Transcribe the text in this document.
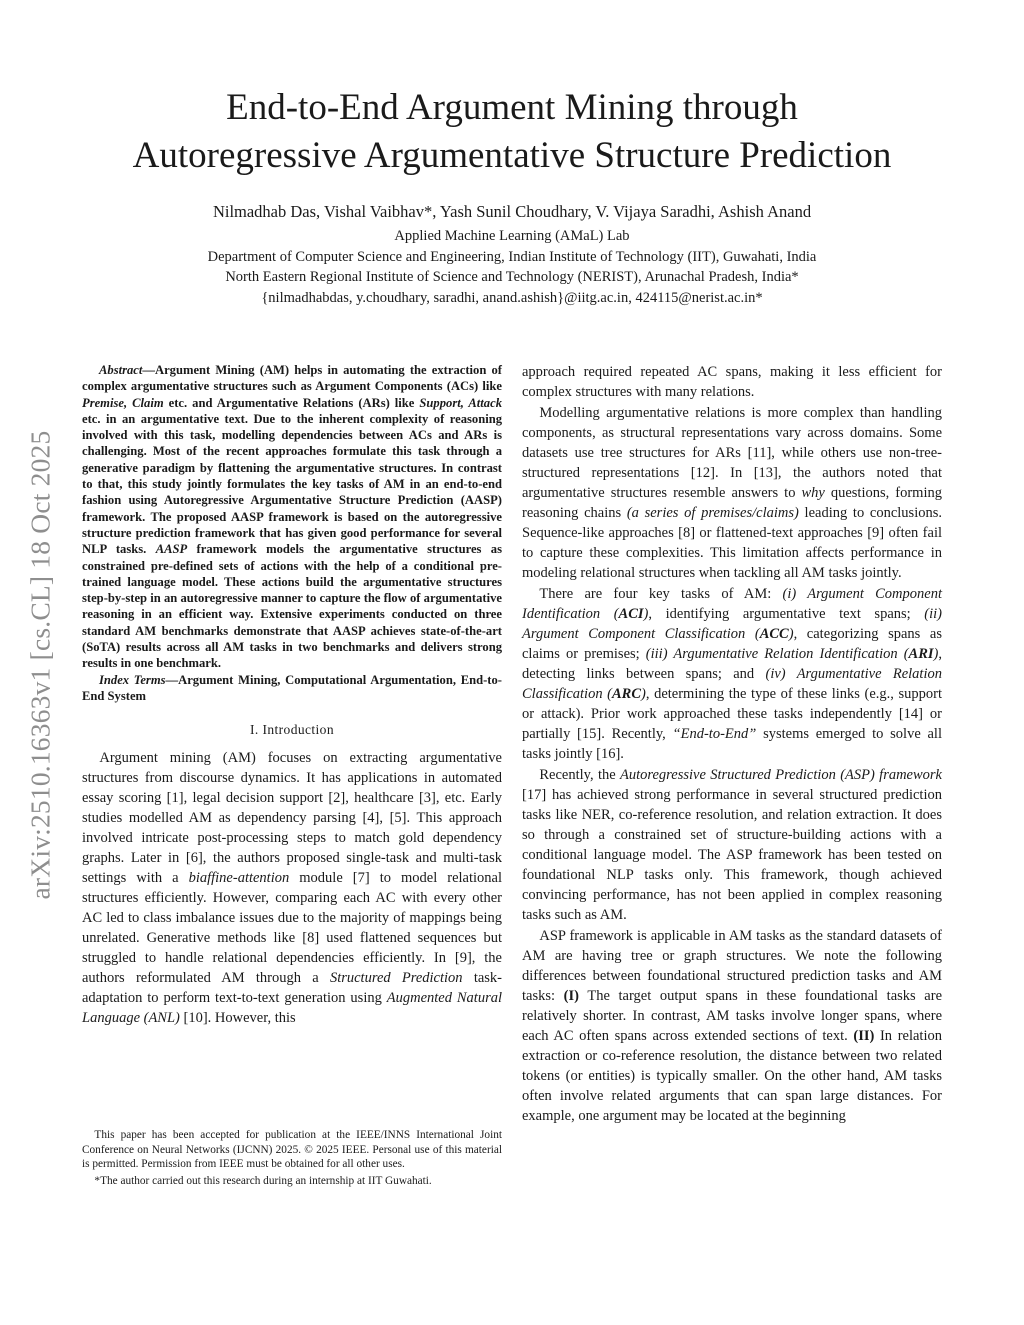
End-to-End Argument Mining through
Autoregressive Argumentative Structure Prediction

Nilmadhab Das, Vishal Vaibhav*, Yash Sunil Choudhary, V. Vijaya Saradhi, Ashish Anand

Applied Machine Learning (AMaL) Lab
Department of Computer Science and Engineering, Indian Institute of Technology (IIT), Guwahati, India
North Eastern Regional Institute of Science and Technology (NERIST), Arunachal Pradesh, India*
{nilmadhabdas, y.choudhary, saradhi, anand.ashish}@iitg.ac.in, 424115@nerist.ac.in*
arXiv:2510.16363v1 [cs.CL] 18 Oct 2025

Abstract—Argument Mining (AM) helps in automating the extraction of complex argumentative structures such as Argument Components (ACs) like Premise, Claim etc. and Argumentative Relations (ARs) like Support, Attack etc. in an argumentative text. Due to the inherent complexity of reasoning involved with this task, modelling dependencies between ACs and ARs is challenging. Most of the recent approaches formulate this task through a generative paradigm by flattening the argumentative structures. In contrast to that, this study jointly formulates the key tasks of AM in an end-to-end fashion using Autoregressive Argumentative Structure Prediction (AASP) framework. The proposed AASP framework is based on the autoregressive structure prediction framework that has given good performance for several NLP tasks. AASP framework models the argumentative structures as constrained pre-defined sets of actions with the help of a conditional pre-trained language model. These actions build the argumentative structures step-by-step in an autoregressive manner to capture the flow of argumentative reasoning in an efficient way. Extensive experiments conducted on three standard AM benchmarks demonstrate that AASP achieves state-of-the-art (SoTA) results across all AM tasks in two benchmarks and delivers strong results in one benchmark.

Index Terms—Argument Mining, Computational Argumentation, End-to-End System

I. Introduction

Argument mining (AM) focuses on extracting argumentative structures from discourse dynamics. It has applications in automated essay scoring [1], legal decision support [2], healthcare [3], etc. Early studies modelled AM as dependency parsing [4], [5]. This approach involved intricate post-processing steps to match gold dependency graphs. Later in [6], the authors proposed single-task and multi-task settings with a biaffine-attention module [7] to model relational structures efficiently. However, comparing each AC with every other AC led to class imbalance issues due to the majority of mappings being unrelated. Generative methods like [8] used flattened sequences but struggled to handle relational dependencies efficiently. In [9], the authors reformulated AM through a Structured Prediction task-adaptation to perform text-to-text generation using Augmented Natural Language (ANL) [10]. However, this

This paper has been accepted for publication at the IEEE/INNS International Joint Conference on Neural Networks (IJCNN) 2025. © 2025 IEEE. Personal use of this material is permitted. Permission from IEEE must be obtained for all other uses.

*The author carried out this research during an internship at IIT Guwahati.

approach required repeated AC spans, making it less efficient for complex structures with many relations.

Modelling argumentative relations is more complex than handling components, as structural representations vary across domains. Some datasets use tree structures for ARs [11], while others use non-tree-structured representations [12]. In [13], the authors noted that argumentative structures resemble answers to why questions, forming reasoning chains (a series of premises/claims) leading to conclusions. Sequence-like approaches [8] or flattened-text approaches [9] often fail to capture these complexities. This limitation affects performance in modeling relational structures when tackling all AM tasks jointly.

There are four key tasks of AM: (i) Argument Component Identification (ACI), identifying argumentative text spans; (ii) Argument Component Classification (ACC), categorizing spans as claims or premises; (iii) Argumentative Relation Identification (ARI), detecting links between spans; and (iv) Argumentative Relation Classification (ARC), determining the type of these links (e.g., support or attack). Prior work approached these tasks independently [14] or partially [15]. Recently, “End-to-End” systems emerged to solve all tasks jointly [16].

Recently, the Autoregressive Structured Prediction (ASP) framework [17] has achieved strong performance in several structured prediction tasks like NER, co-reference resolution, and relation extraction. It does so through a constrained set of structure-building actions with a conditional language model. The ASP framework has been tested on foundational NLP tasks only. This framework, though achieved convincing performance, has not been applied in complex reasoning tasks such as AM.

ASP framework is applicable in AM tasks as the standard datasets of AM are having tree or graph structures. We note the following differences between foundational structured prediction tasks and AM tasks: (I) The target output spans in these foundational tasks are relatively shorter. In contrast, AM tasks involve longer spans, where each AC often spans across extended sections of text. (II) In relation extraction or co-reference resolution, the distance between two related tokens (or entities) is typically smaller. On the other hand, AM tasks often involve related arguments that can span large distances. For example, one argument may be located at the beginning
